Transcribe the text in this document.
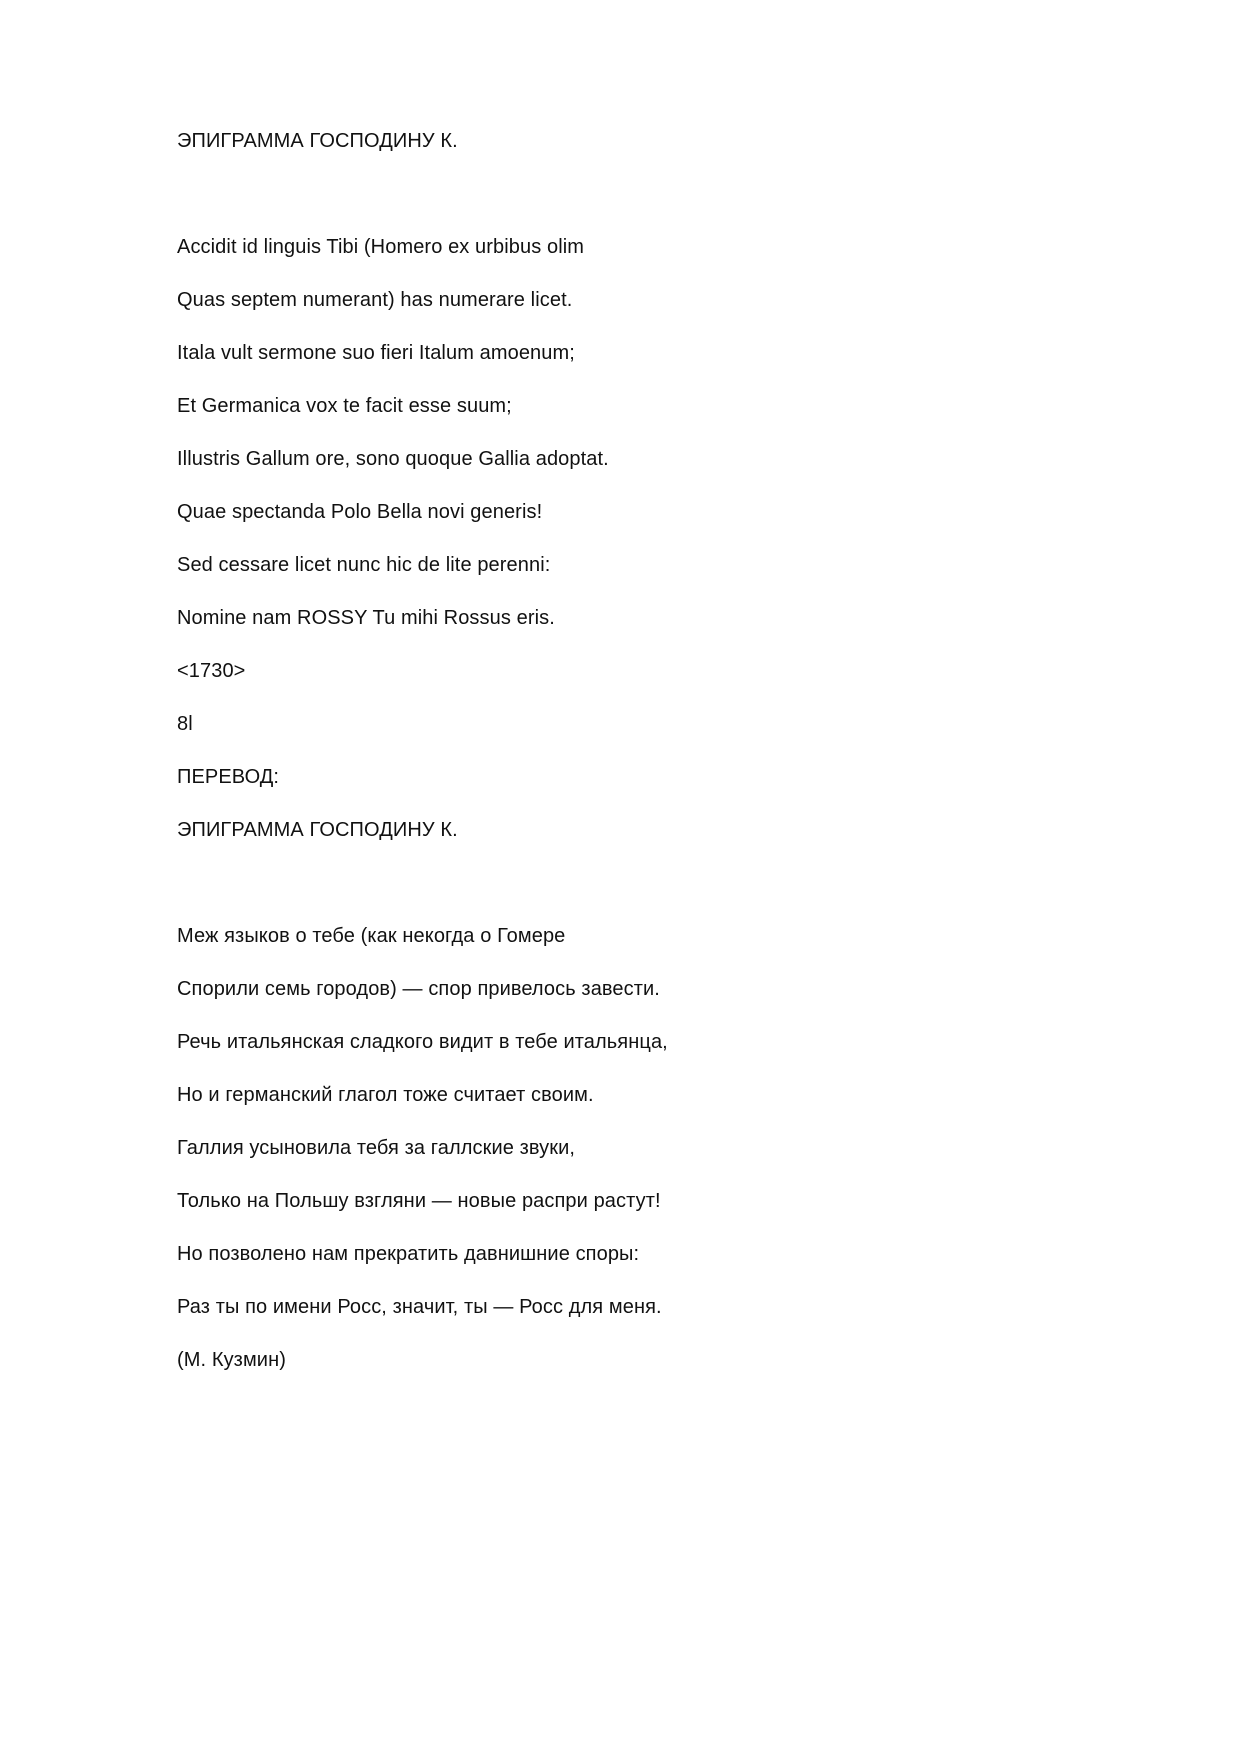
ЭПИГРАММА ГОСПОДИНУ К.
Accidit id linguis Tibi (Homero ex urbibus olim
Quas septem numerant) has numerare licet.
Itala vult sermone suo fieri Italum amoenum;
Et Germanica vox te facit esse suum;
Illustris Gallum ore, sono quoque Gallia adoptat.
Quae spectanda Polo Bella novi generis!
Sed cessare licet nunc hic de lite perenni:
Nomine nam ROSSY Tu mihi Rossus eris.
<1730>
8l
ПЕРЕВОД:
ЭПИГРАММА ГОСПОДИНУ К.
Меж языков о тебе (как некогда о Гомере
Спорили семь городов) — спор привелось завести.
Речь итальянская сладкого видит в тебе итальянца,
Но и германский глагол тоже считает своим.
Галлия усыновила тебя за галлские звуки,
Только на Польшу взгляни — новые распри растут!
Но позволено нам прекратить давнишние споры:
Раз ты по имени Росс, значит, ты — Росс для меня.
(М. Кузмин)
